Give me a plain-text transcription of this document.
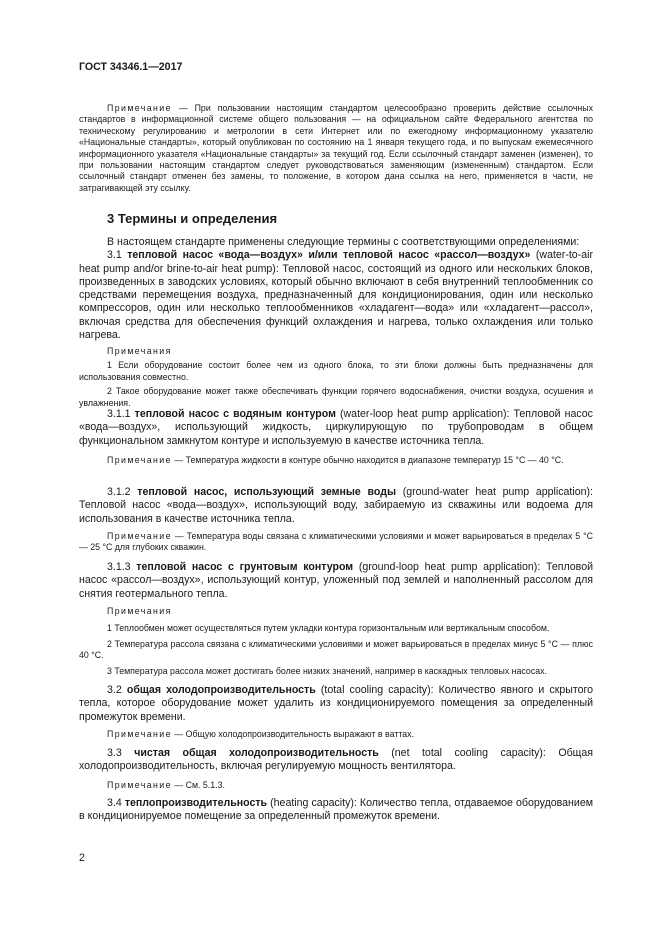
ГОСТ 34346.1—2017

Примечание — При пользовании настоящим стандартом целесообразно проверить действие ссылочных стандартов в информационной системе общего пользования — на официальном сайте Федерального агентства по техническому регулированию и метрологии в сети Интернет или по ежегодному информационному указателю «Национальные стандарты», который опубликован по состоянию на 1 января текущего года, и по выпускам ежемесячного информационного указателя «Национальные стандарты» за текущий год. Если ссылочный стандарт заменен (изменен), то при пользовании настоящим стандартом следует руководствоваться заменяющим (измененным) стандартом. Если ссылочный стандарт отменен без замены, то положение, в котором дана ссылка на него, применяется в части, не затрагивающей эту ссылку.

3 Термины и определения

В настоящем стандарте применены следующие термины с соответствующими определениями:

3.1 тепловой насос «вода—воздух» и/или тепловой насос «рассол—воздух» (water-to-air heat pump and/or brine-to-air heat pump): Тепловой насос, состоящий из одного или нескольких блоков, произведенных в заводских условиях, который обычно включают в себя внутренний теплообменник со средствами перемещения воздуха, предназначенный для кондиционирования, один или несколько компрессоров, один или несколько теплообменников «хладагент—вода» или «хладагент—рассол», включая средства для обеспечения функций охлаждения и нагрева, только охлаждения или только нагрева.

Примечания

1 Если оборудование состоит более чем из одного блока, то эти блоки должны быть предназначены для использования совместно.

2 Такое оборудование может также обеспечивать функции горячего водоснабжения, очистки воздуха, осушения и увлажнения.

3.1.1 тепловой насос с водяным контуром (water-loop heat pump application): Тепловой насос «вода—воздух», использующий жидкость, циркулирующую по трубопроводам в общем функциональном замкнутом контуре и используемую в качестве источника тепла.

Примечание — Температура жидкости в контуре обычно находится в диапазоне температур 15 °С — 40 °С.

3.1.2 тепловой насос, использующий земные воды (ground-water heat pump application): Тепловой насос «вода—воздух», использующий воду, забираемую из скважины или водоема для использования в качестве источника тепла.

Примечание — Температура воды связана с климатическими условиями и может варьироваться в пределах 5 °С — 25 °С для глубоких скважин.

3.1.3 тепловой насос с грунтовым контуром (ground-loop heat pump application): Тепловой насос «рассол—воздух», использующий контур, уложенный под землей и наполненный рассолом для снятия геотермального тепла.

Примечания

1 Теплообмен может осуществляться путем укладки контура горизонтальным или вертикальным способом.

2 Температура рассола связана с климатическими условиями и может варьироваться в пределах минус 5 °С — плюс 40 °С.

3 Температура рассола может достигать более низких значений, например в каскадных тепловых насосах.

3.2 общая холодопроизводительность (total cooling capacity): Количество явного и скрытого тепла, которое оборудование может удалить из кондиционируемого помещения за определенный промежуток времени.

Примечание — Общую холодопроизводительность выражают в ваттах.

3.3 чистая общая холодопроизводительность (net total cooling capacity): Общая холодопроизводительность, включая регулируемую мощность вентилятора.

Примечание — См. 5.1.3.

3.4 теплопроизводительность (heating capacity): Количество тепла, отдаваемое оборудованием в кондиционируемое помещение за определенный промежуток времени.

2
